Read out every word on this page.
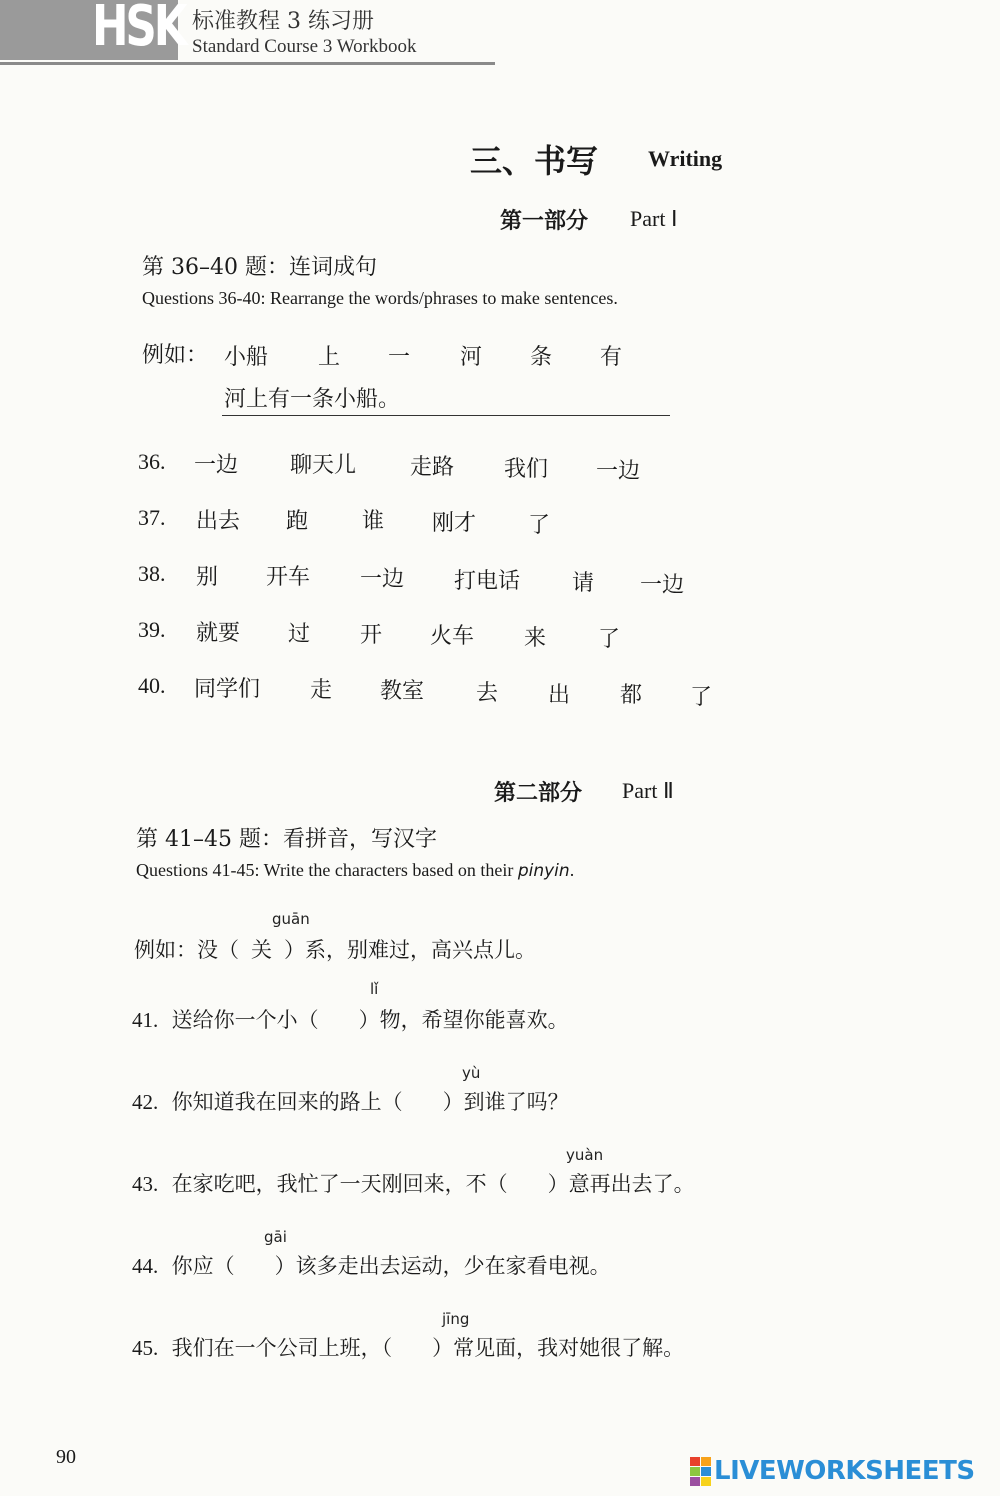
HSK 标准教程 3 练习册
Standard Course 3 Workbook
三、书写 Writing
第一部分 Part Ⅰ
第 36–40 题：连词成句
Questions 36-40: Rearrange the words/phrases to make sentences.
例如： 小船 上 一 河 条 有
河上有一条小船。
36. 一边 聊天儿 走路 我们 一边
37. 出去 跑 谁 刚才 了
38. 别 开车 一边 打电话 请 一边
39. 就要 过 开 火车 来 了
40. 同学们 走 教室 去 出 都 了
第二部分 Part Ⅱ
第 41–45 题：看拼音，写汉字
Questions 41-45: Write the characters based on their pinyin.
guān
例如：没（ 关 ）系，别难过，高兴点儿。
lǐ
41. 送给你一个小（ ）物，希望你能喜欢。
yù
42. 你知道我在回来的路上（ ）到谁了吗？
yuàn
43. 在家吃吧，我忙了一天刚回来，不（ ）意再出去了。
gāi
44. 你应（ ）该多走出去运动，少在家看电视。
jīng
45. 我们在一个公司上班，（ ）常见面，我对她很了解。
90	LIVEWORKSHEETS
